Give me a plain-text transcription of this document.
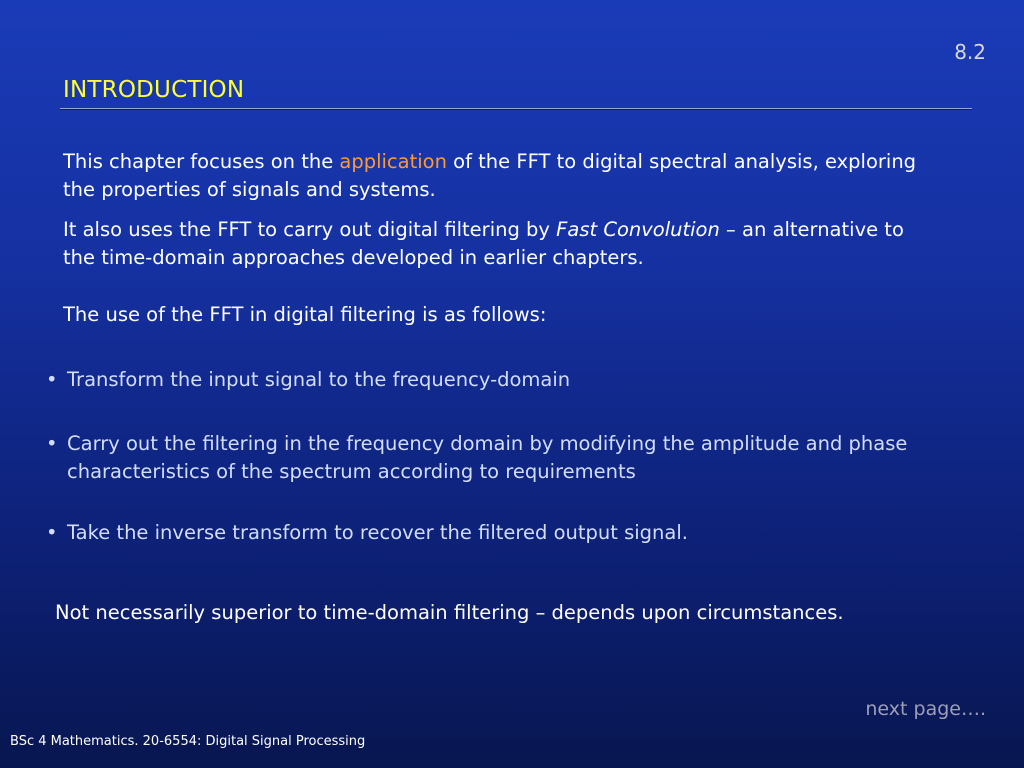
8.2
INTRODUCTION
This chapter focuses on the application of the FFT to digital spectral analysis, exploring the properties of signals and systems.
It also uses the FFT to carry out digital filtering by Fast Convolution – an alternative to the time-domain approaches developed in earlier chapters.
The use of the FFT in digital filtering is as follows:
• Transform the input signal to the frequency-domain
• Carry out the filtering in the frequency domain by modifying the amplitude and phase characteristics of the spectrum according to requirements
• Take the inverse transform to recover the filtered output signal.
Not necessarily superior to time-domain filtering – depends upon circumstances.
next page….
BSc 4 Mathematics. 20-6554: Digital Signal Processing
